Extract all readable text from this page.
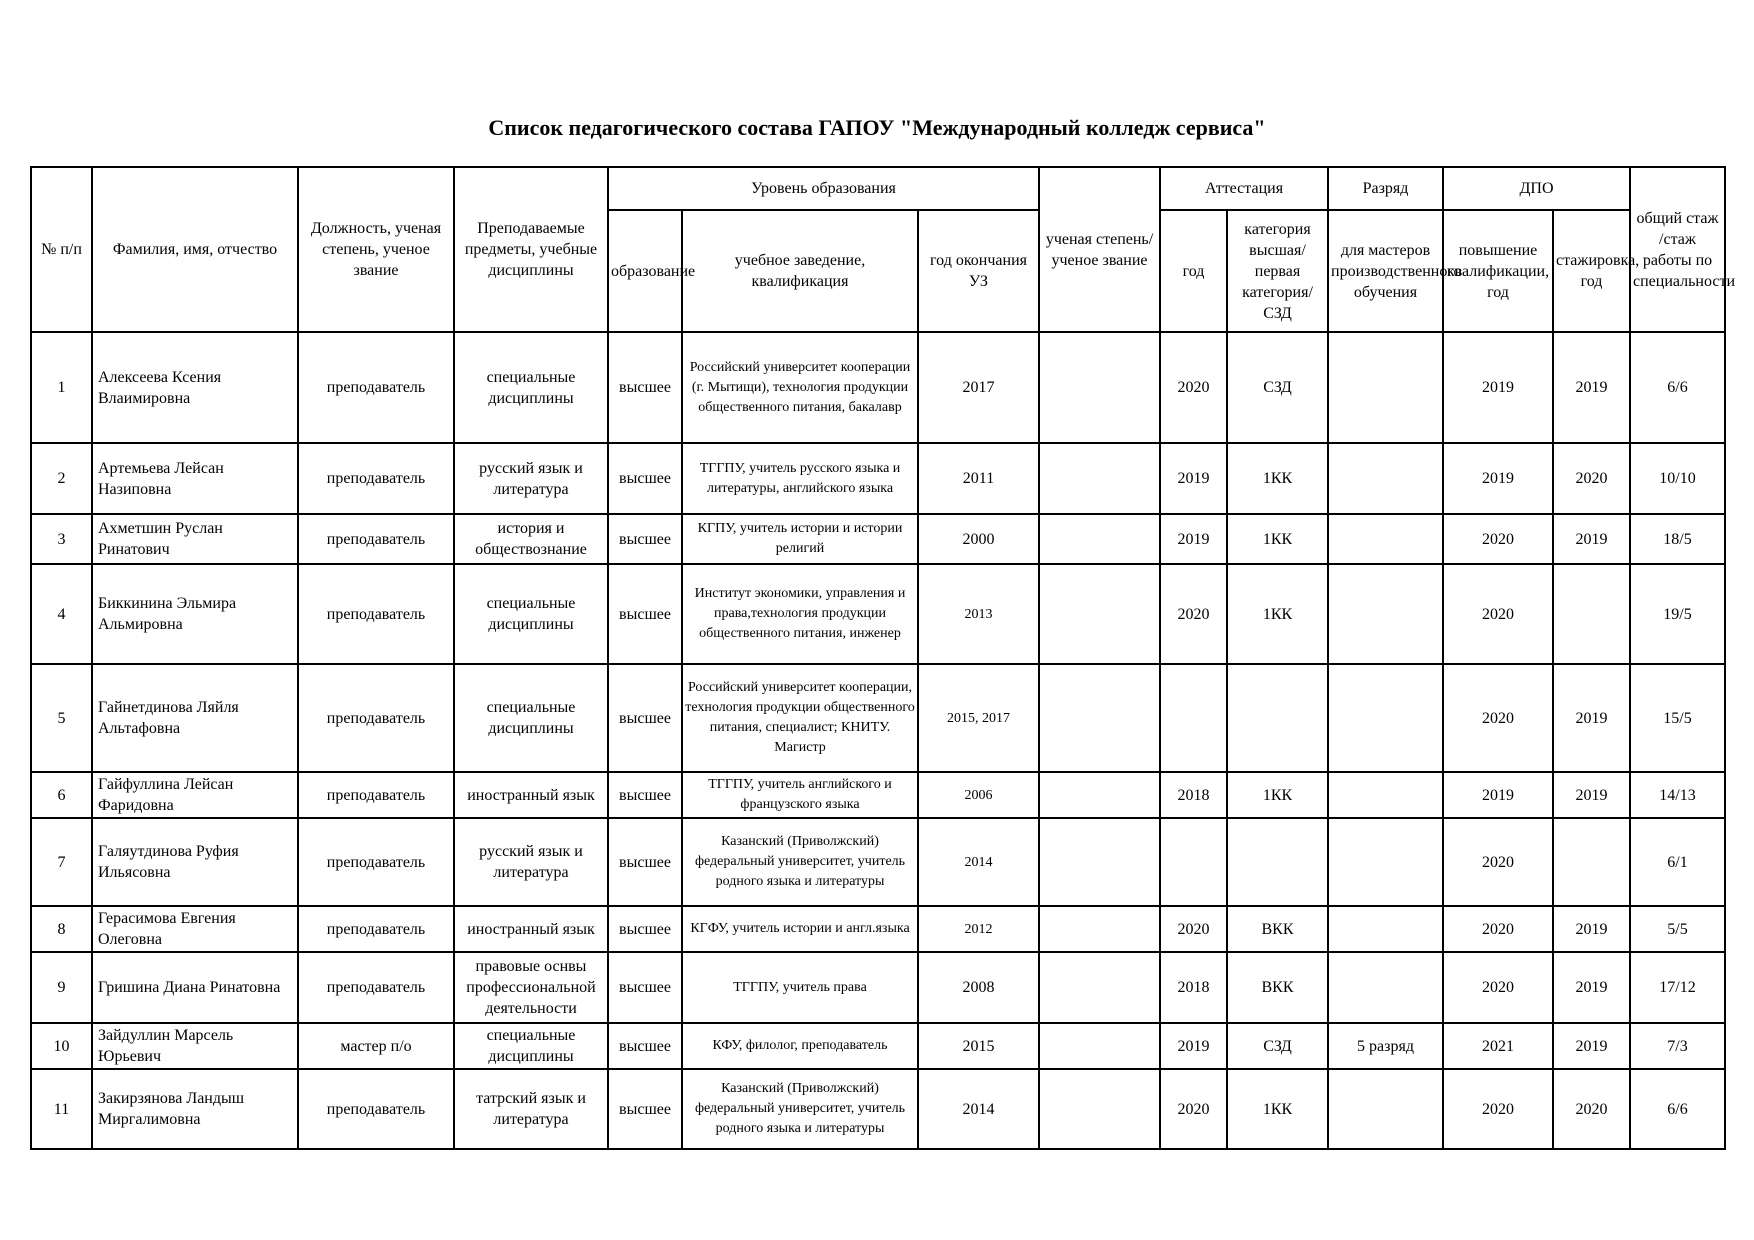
Список педагогического состава ГАПОУ "Международный колледж сервиса"
№ п/п	Фамилия, имя, отчество	Должность, ученая степень, ученое звание	Преподаваемые предметы, учебные дисциплины	Уровень образования			ученая степень/ ученое звание	Аттестация		Разряд	ДПО		общий стаж /стаж работы по специальности
				образование	учебное заведение, квалификация	год окончания УЗ		год	категория высшая/ первая категория/СЗД	для мастеров производственного обучения	повышение квалификации, год	стажировка, год	
1	Алексеева Ксения Влаимировна	преподаватель	специальные дисциплины	высшее	Российский университет кооперации (г. Мытищи), технология продукции общественного питания, бакалавр	2017		2020	СЗД		2019	2019	6/6
2	Артемьева Лейсан Назиповна	преподаватель	русский язык и литература	высшее	ТГГПУ, учитель русского языка и литературы, английского языка	2011		2019	1КК		2019	2020	10/10
3	Ахметшин Руслан Ринатович	преподаватель	история и обществознание	высшее	КГПУ, учитель истории и истории религий	2000		2019	1КК		2020	2019	18/5
4	Биккинина Эльмира Альмировна	преподаватель	специальные дисциплины	высшее	Институт экономики, управления и права,технология продукции общественного питания, инженер	2013		2020	1КК		2020		19/5
5	Гайнетдинова Ляйля Альтафовна	преподаватель	специальные дисциплины	высшее	Российский университет кооперации, технология продукции общественного питания, специалист; КНИТУ. Магистр	2015, 2017					2020	2019	15/5
6	Гайфуллина Лейсан Фаридовна	преподаватель	иностранный язык	высшее	ТГГПУ, учитель английского и французского языка	2006		2018	1КК		2019	2019	14/13
7	Галяутдинова Руфия Ильясовна	преподаватель	русский язык и литература	высшее	Казанский (Приволжский) федеральный университет, учитель родного языка и литературы	2014					2020		6/1
8	Герасимова Евгения Олеговна	преподаватель	иностранный язык	высшее	КГФУ, учитель истории и англ.языка	2012		2020	ВКК		2020	2019	5/5
9	Гришина Диана Ринатовна	преподаватель	правовые оснвы профессиональной деятельности	высшее	ТГГПУ, учитель права	2008		2018	ВКК		2020	2019	17/12
10	Зайдуллин Марсель Юрьевич	мастер п/о	специальные дисциплины	высшее	КФУ, филолог, преподаватель	2015		2019	СЗД	5 разряд	2021	2019	7/3
11	Закирзянова Ландыш Миргалимовна	преподаватель	татрский язык и литература	высшее	Казанский (Приволжский) федеральный университет, учитель родного языка и литературы	2014		2020	1КК		2020	2020	6/6
